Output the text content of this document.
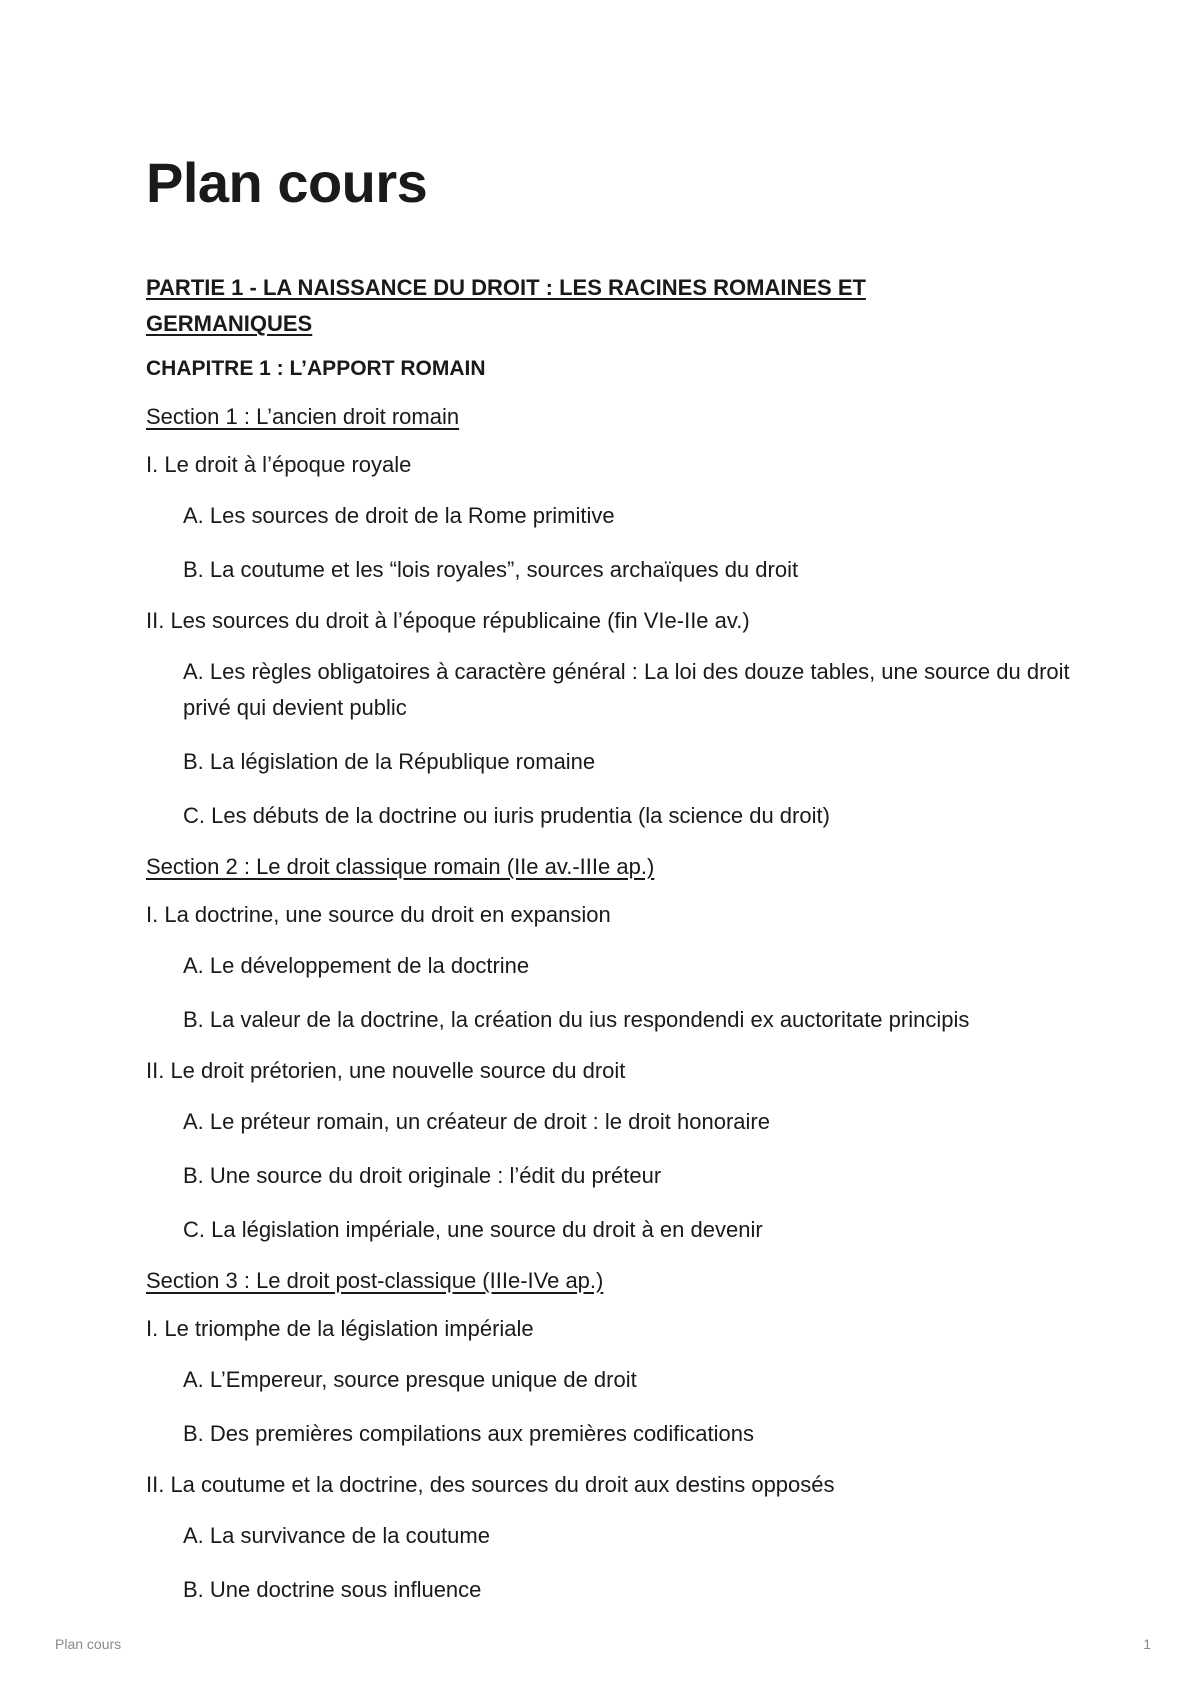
Plan cours
PARTIE 1 - LA NAISSANCE DU DROIT : LES RACINES ROMAINES ET GERMANIQUES
CHAPITRE 1 : L’APPORT ROMAIN
Section 1 : L’ancien droit romain
I. Le droit à l’époque royale
A. Les sources de droit de la Rome primitive
B. La coutume et les “lois royales”, sources archaïques du droit
II. Les sources du droit à l’époque républicaine (fin VIe-IIe av.)
A. Les règles obligatoires à caractère général : La loi des douze tables, une source du droit privé qui devient public
B. La législation de la République romaine
C. Les débuts de la doctrine ou iuris prudentia (la science du droit)
Section 2 : Le droit classique romain (IIe av.-IIIe ap.)
I. La doctrine, une source du droit en expansion
A. Le développement de la doctrine
B. La valeur de la doctrine, la création du ius respondendi ex auctoritate principis
II. Le droit prétorien, une nouvelle source du droit
A. Le préteur romain, un créateur de droit : le droit honoraire
B. Une source du droit originale : l’édit du préteur
C. La législation impériale, une source du droit à en devenir
Section 3 : Le droit post-classique (IIIe-IVe ap.)
I. Le triomphe de la législation impériale
A. L’Empereur, source presque unique de droit
B. Des premières compilations aux premières codifications
II. La coutume et la doctrine, des sources du droit aux destins opposés
A. La survivance de la coutume
B. Une doctrine sous influence
Plan cours	1
